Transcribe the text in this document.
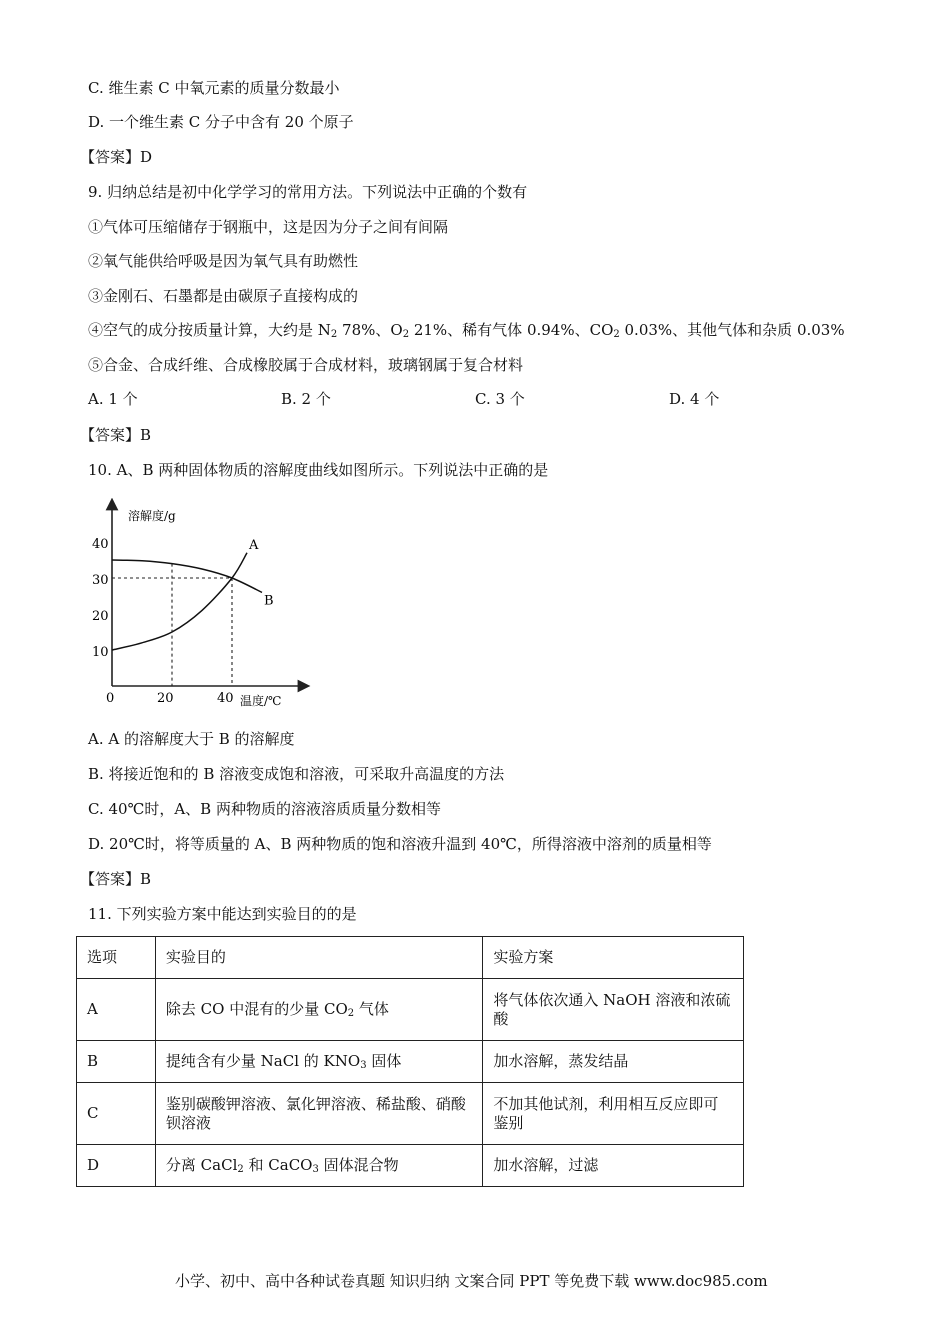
C. 维生素 C 中氧元素的质量分数最小
D. 一个维生素 C 分子中含有 20 个原子
【答案】D
9. 归纳总结是初中化学学习的常用方法。下列说法中正确的个数有
①气体可压缩储存于钢瓶中，这是因为分子之间有间隔
②氧气能供给呼吸是因为氧气具有助燃性
③金刚石、石墨都是由碳原子直接构成的
④空气的成分按质量计算，大约是 $N_2$ 78%、$O_2$ 21%、稀有气体 0.94%、$CO_2$ 0.03%、其他气体和杂质 0.03%
⑤合金、合成纤维、合成橡胶属于合成材料，玻璃钢属于复合材料
A. 1 个	B. 2 个	C. 3 个	D. 4 个
【答案】B
10. A、B 两种固体物质的溶解度曲线如图所示。下列说法中正确的是
溶解度/g
温度/℃
10
20
30
40
0	20	40
A
B
A. A 的溶解度大于 B 的溶解度
B. 将接近饱和的 B 溶液变成饱和溶液，可采取升高温度的方法
C. 40℃时，A、B 两种物质的溶液溶质质量分数相等
D. 20℃时，将等质量的 A、B 两种物质的饱和溶液升温到 40℃，所得溶液中溶剂的质量相等
【答案】B
11. 下列实验方案中能达到实验目的的是
选项	实验目的	实验方案
A	除去 CO 中混有的少量 $CO_2$ 气体	将气体依次通入 NaOH 溶液和浓硫酸
B	提纯含有少量 NaCl 的 $KNO_3$ 固体	加水溶解，蒸发结晶
C	鉴别碳酸钾溶液、氯化钾溶液、稀盐酸、硝酸钡溶液	不加其他试剂，利用相互反应即可鉴别
D	分离 CaCl$_2$ 和 CaCO$_3$ 固体混合物	加水溶解，过滤
小学、初中、高中各种试卷真题 知识归纳 文案合同 PPT 等免费下载 www.doc985.com
